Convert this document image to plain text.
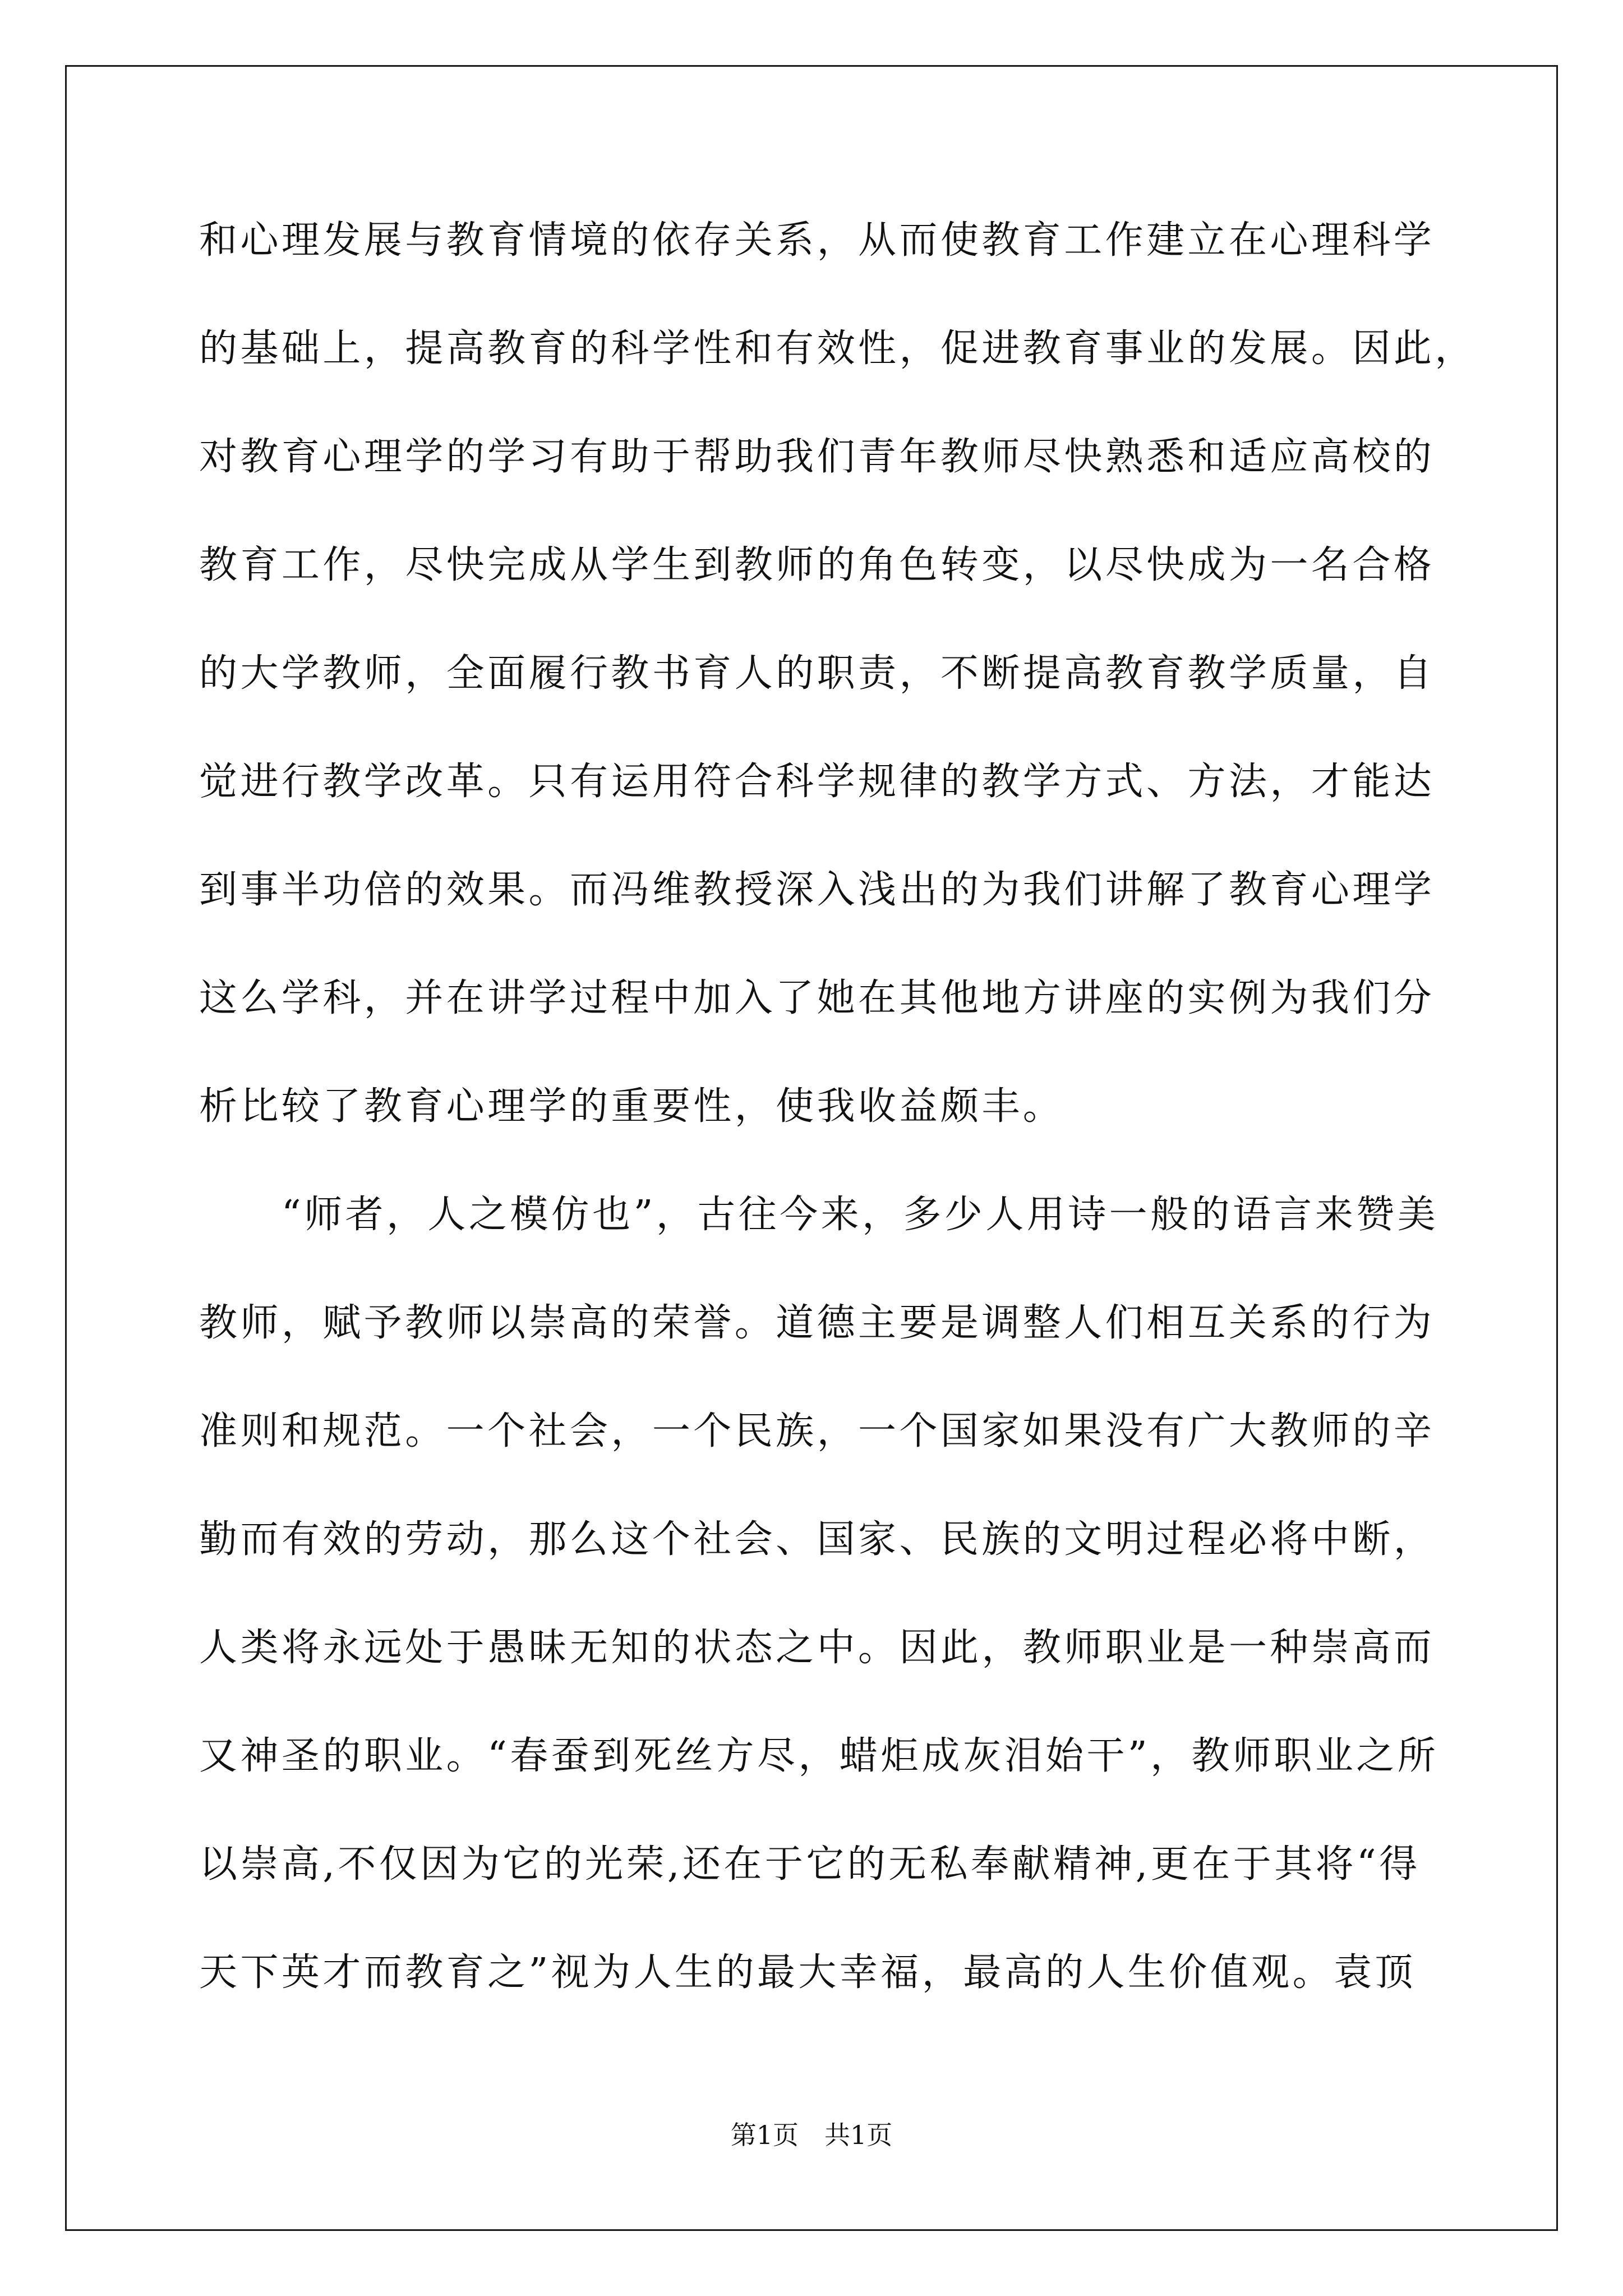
和心理发展与教育情境的依存关系，从而使教育工作建立在心理科学
的基础上，提高教育的科学性和有效性，促进教育事业的发展。因此，
对教育心理学的学习有助于帮助我们青年教师尽快熟悉和适应高校的
教育工作，尽快完成从学生到教师的角色转变，以尽快成为一名合格
的大学教师，全面履行教书育人的职责，不断提高教育教学质量，自
觉进行教学改革。只有运用符合科学规律的教学方式、方法，才能达
到事半功倍的效果。而冯维教授深入浅出的为我们讲解了教育心理学
这么学科，并在讲学过程中加入了她在其他地方讲座的实例为我们分
析比较了教育心理学的重要性，使我收益颇丰。
　　“师者，人之模仿也”，古往今来，多少人用诗一般的语言来赞美
教师，赋予教师以崇高的荣誉。道德主要是调整人们相互关系的行为
准则和规范。一个社会，一个民族，一个国家如果没有广大教师的辛
勤而有效的劳动，那么这个社会、国家、民族的文明过程必将中断，
人类将永远处于愚昧无知的状态之中。因此，教师职业是一种崇高而
又神圣的职业。“春蚕到死丝方尽，蜡炬成灰泪始干”，教师职业之所
以崇高,不仅因为它的光荣,还在于它的无私奉献精神,更在于其将“得
天下英才而教育之”视为人生的最大幸福，最高的人生价值观。袁顶
第1页　共1页
